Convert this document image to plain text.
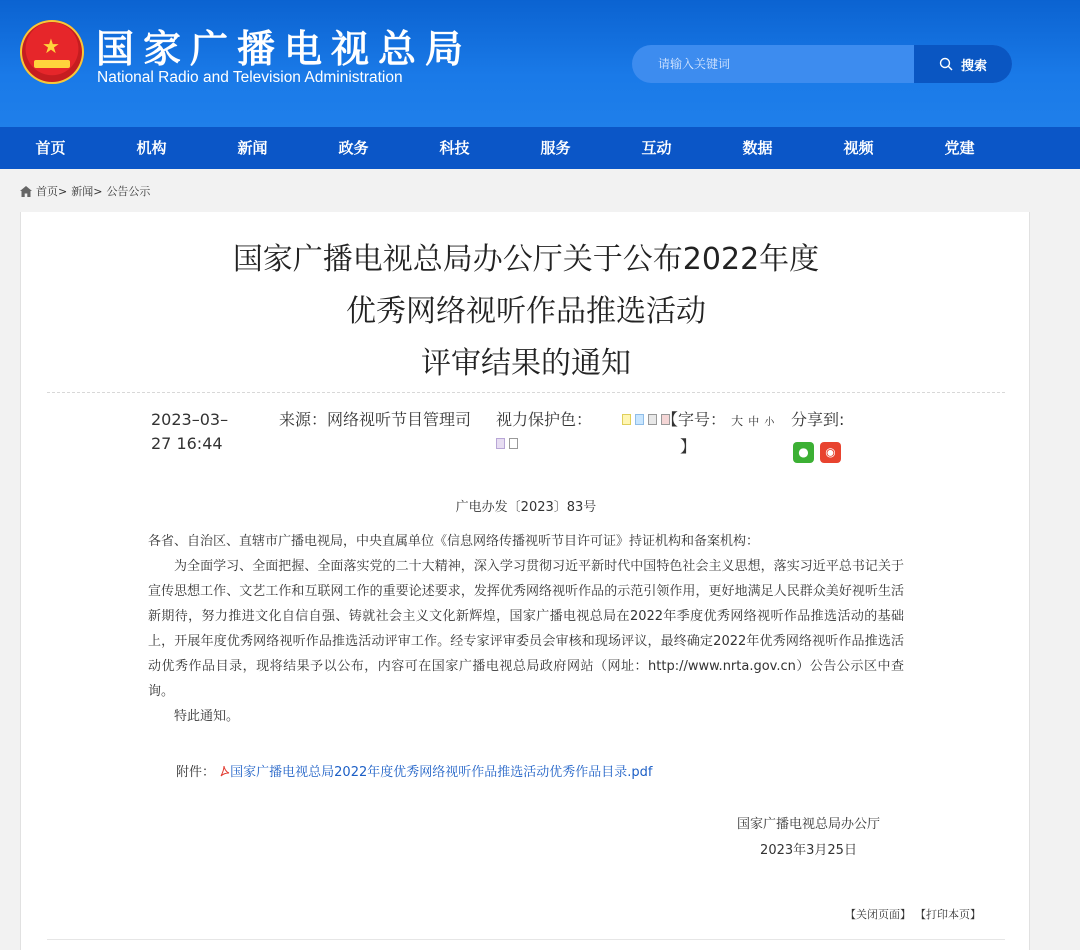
★ 国家广播电视总局
National Radio and Television Administration
请输入关键词
搜索
首页	机构	新闻	政务	科技	服务	互动	数据	视频	党建
首页> 新闻> 公告公示
国家广播电视总局办公厅关于公布2022年度
优秀网络视听作品推选活动
评审结果的通知
2023–03–27 16:44
来源：网络视听节目管理司 视力保护色：	【字号： 大 中 小
】
分享到:
●	◉
广电办发〔2023〕83号

各省、自治区、直辖市广播电视局，中央直属单位《信息网络传播视听节目许可证》持证机构和备案机构：

为全面学习、全面把握、全面落实党的二十大精神，深入学习贯彻习近平新时代中国特色社会主义思想，落实习近平总书记关于宣传思想工作、文艺工作和互联网工作的重要论述要求，发挥优秀网络视听作品的示范引领作用，更好地满足人民群众美好视听生活新期待，努力推进文化自信自强、铸就社会主义文化新辉煌，国家广播电视总局在2022年季度优秀网络视听作品推选活动的基础上，开展年度优秀网络视听作品推选活动评审工作。经专家评审委员会审核和现场评议，最终确定2022年优秀网络视听作品推选活动优秀作品目录，现将结果予以公布，内容可在国家广播电视总局政府网站（网址：http://www.nrta.gov.cn）公告公示区中查询。

特此通知。

附件： 国家广播电视总局2022年度优秀网络视听作品推选活动优秀作品目录.pdf
国家广播电视总局办公厅
2023年3月25日
【关闭页面】 【打印本页】
